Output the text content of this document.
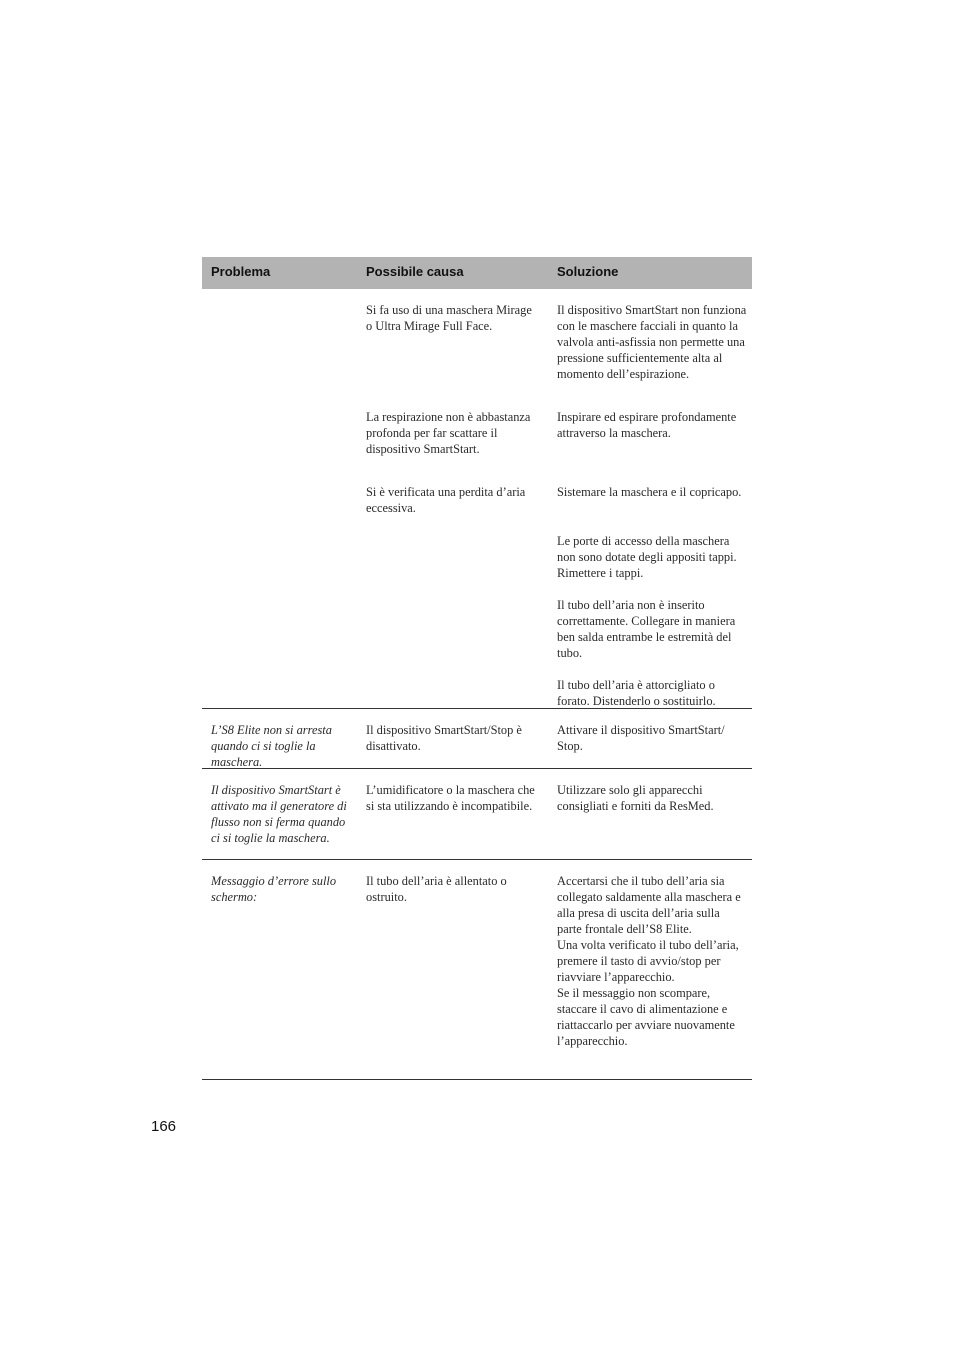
Problema	Possibile causa	Soluzione
Si fa uso di una maschera Mirage o Ultra Mirage Full Face.
Il dispositivo SmartStart non funziona con le maschere facciali in quanto la valvola anti-asfissia non permette una pressione sufficientemente alta al momento dell’espirazione.
La respirazione non è abbastanza profonda per far scattare il dispositivo SmartStart.
Inspirare ed espirare profondamente attraverso la maschera.
Si è verificata una perdita d’aria eccessiva.
Sistemare la maschera e il copricapo.
Le porte di accesso della maschera non sono dotate degli appositi tappi. Rimettere i tappi.
Il tubo dell’aria non è inserito correttamente. Collegare in maniera ben salda entrambe le estremità del tubo.
Il tubo dell’aria è attorcigliato o forato. Distenderlo o sostituirlo.
L’S8 Elite non si arresta quando ci si toglie la maschera.
Il dispositivo SmartStart/Stop è disattivato.
Attivare il dispositivo SmartStart/ Stop.
Il dispositivo SmartStart è attivato ma il generatore di flusso non si ferma quando ci si toglie la maschera.
L’umidificatore o la maschera che si sta utilizzando è incompatibile.
Utilizzare solo gli apparecchi consigliati e forniti da ResMed.
Messaggio d’errore sullo schermo:
Il tubo dell’aria è allentato o ostruito.

Accertarsi che il tubo dell’aria sia collegato saldamente alla maschera e alla presa di uscita dell’aria sulla parte frontale dell’S8 Elite.

Una volta verificato il tubo dell’aria, premere il tasto di avvio/stop per riavviare l’apparecchio.

Se il messaggio non scompare, staccare il cavo di alimentazione e riattaccarlo per avviare nuovamente l’apparecchio.

166
